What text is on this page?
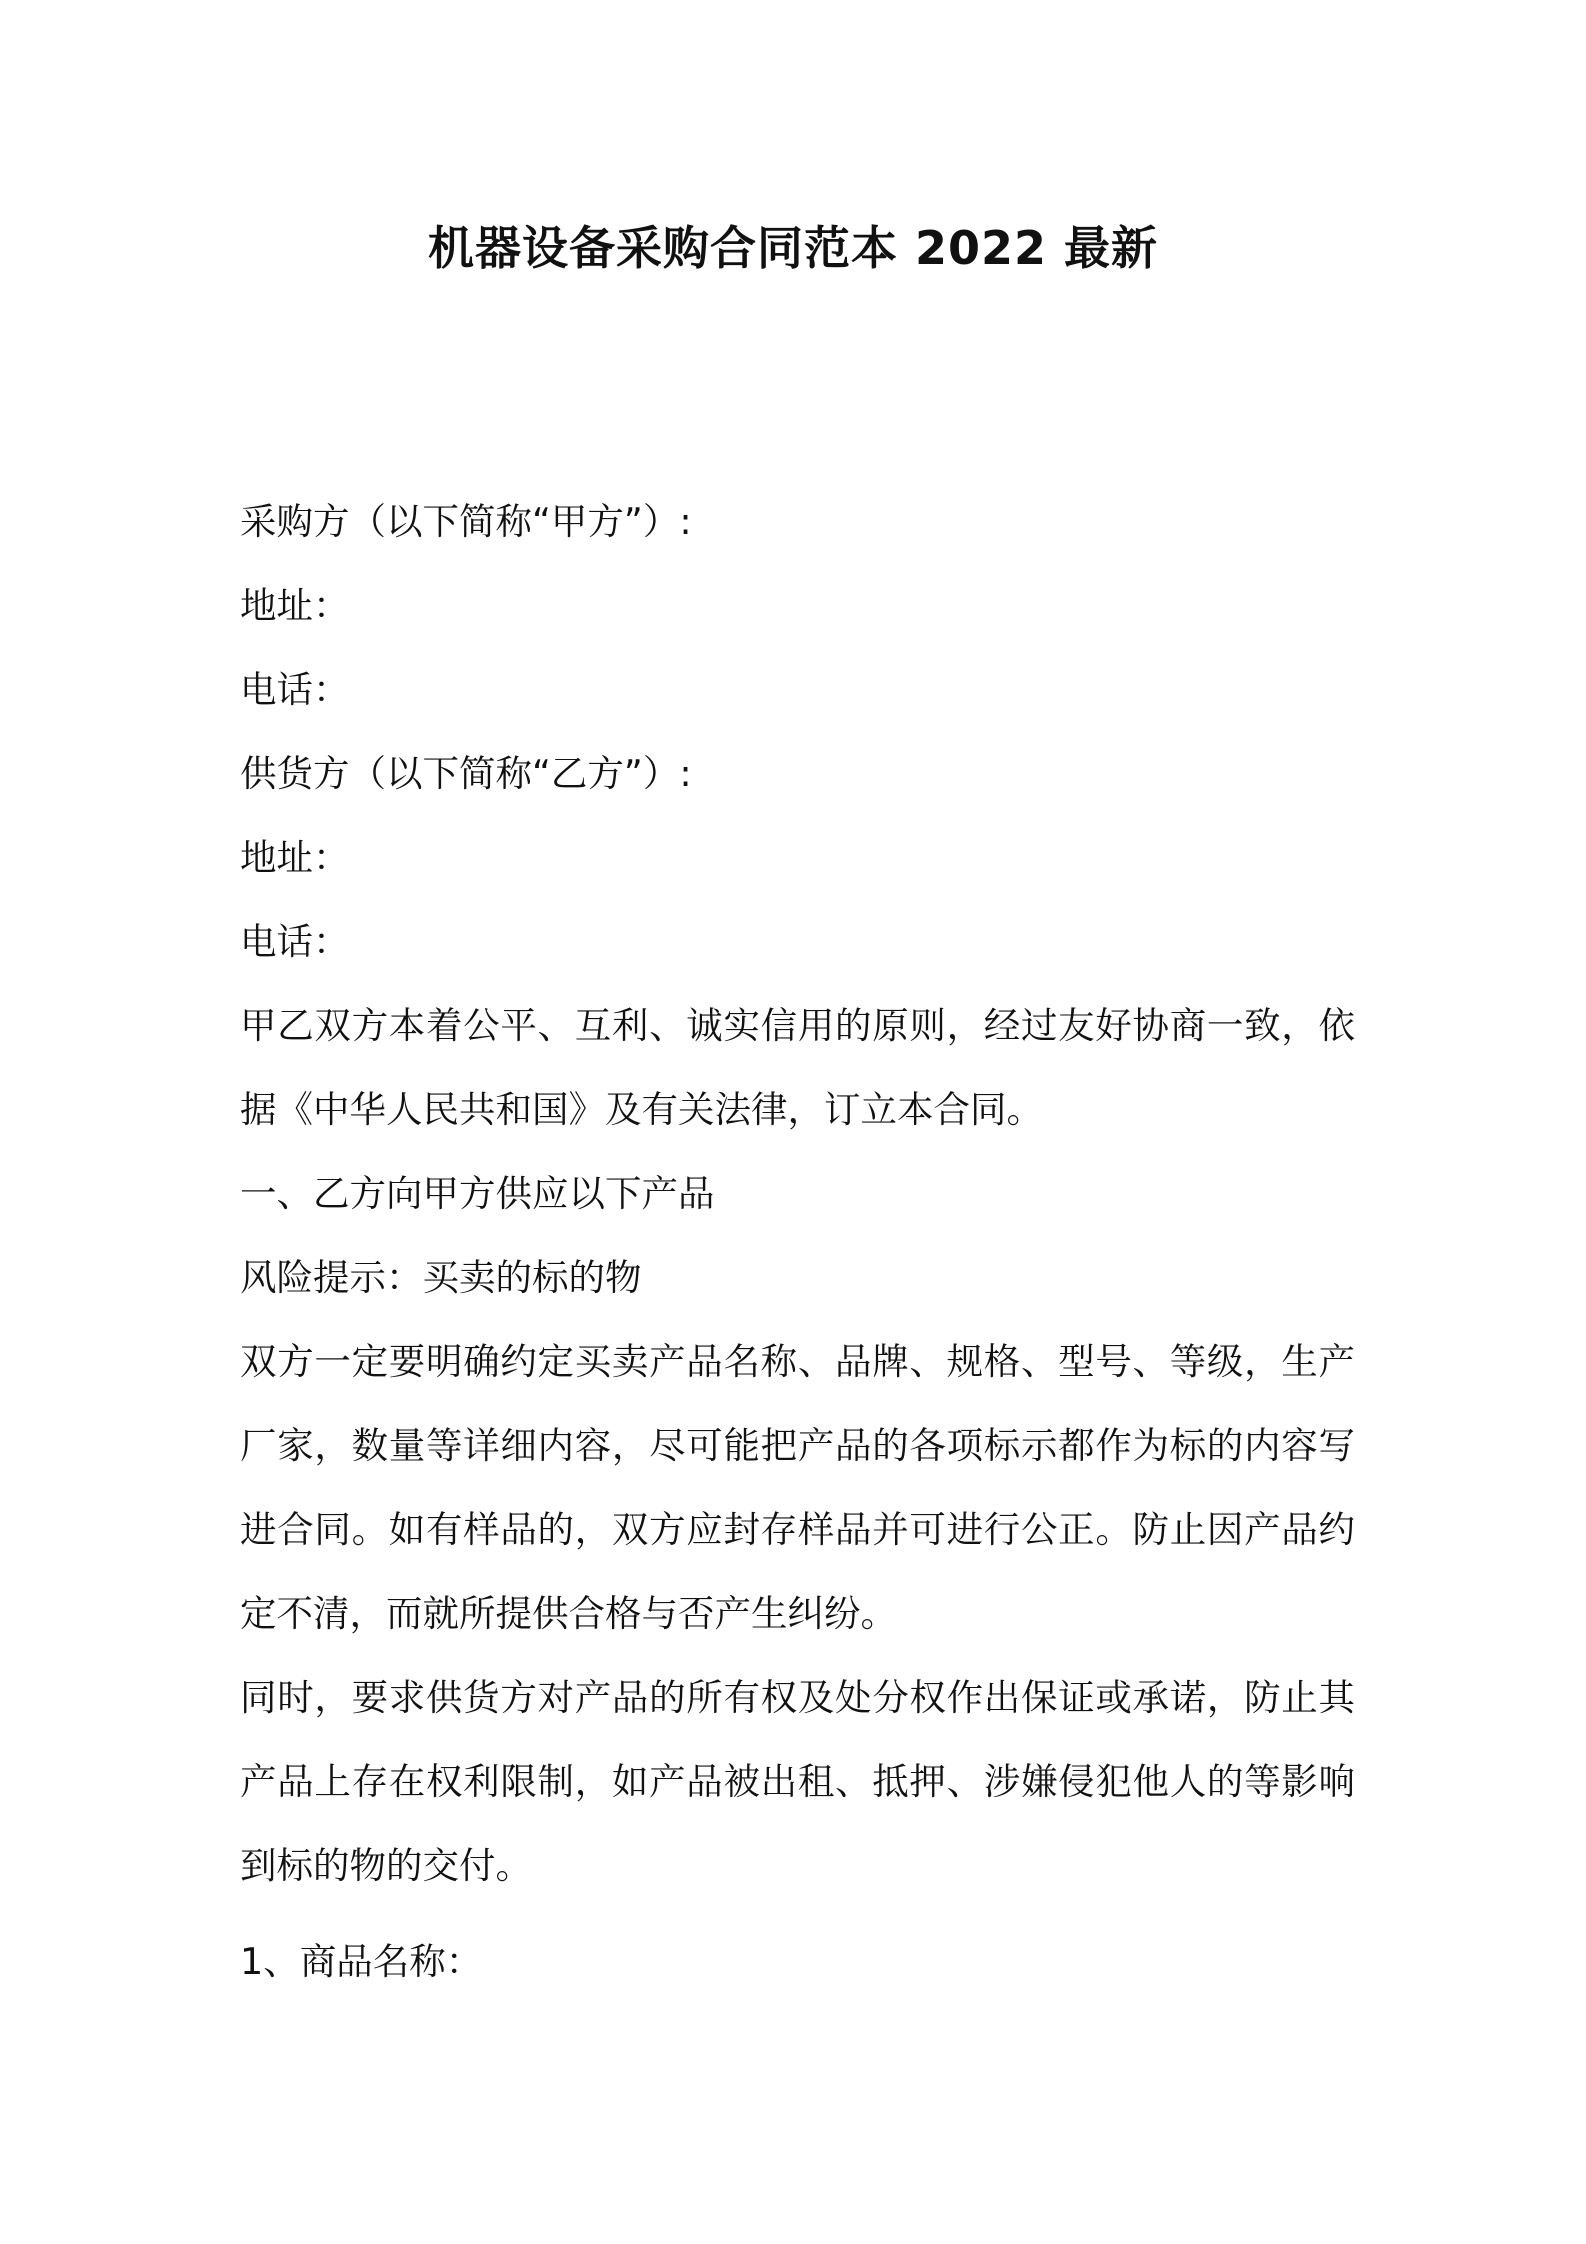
机器设备采购合同范本 2022 最新
采购方（以下简称“甲方”）:
地址：
电话：
供货方（以下简称“乙方”）:
地址：
电话：
甲乙双方本着公平、互利、诚实信用的原则，经过友好协商一致，依据《中华人民共和国》及有关法律，订立本合同。
一、乙方向甲方供应以下产品
风险提示：买卖的标的物
双方一定要明确约定买卖产品名称、品牌、规格、型号、等级，生产厂家，数量等详细内容，尽可能把产品的各项标示都作为标的内容写进合同。如有样品的，双方应封存样品并可进行公正。防止因产品约定不清，而就所提供合格与否产生纠纷。
同时，要求供货方对产品的所有权及处分权作出保证或承诺，防止其产品上存在权利限制，如产品被出租、抵押、涉嫌侵犯他人的等影响到标的物的交付。
1、商品名称：
